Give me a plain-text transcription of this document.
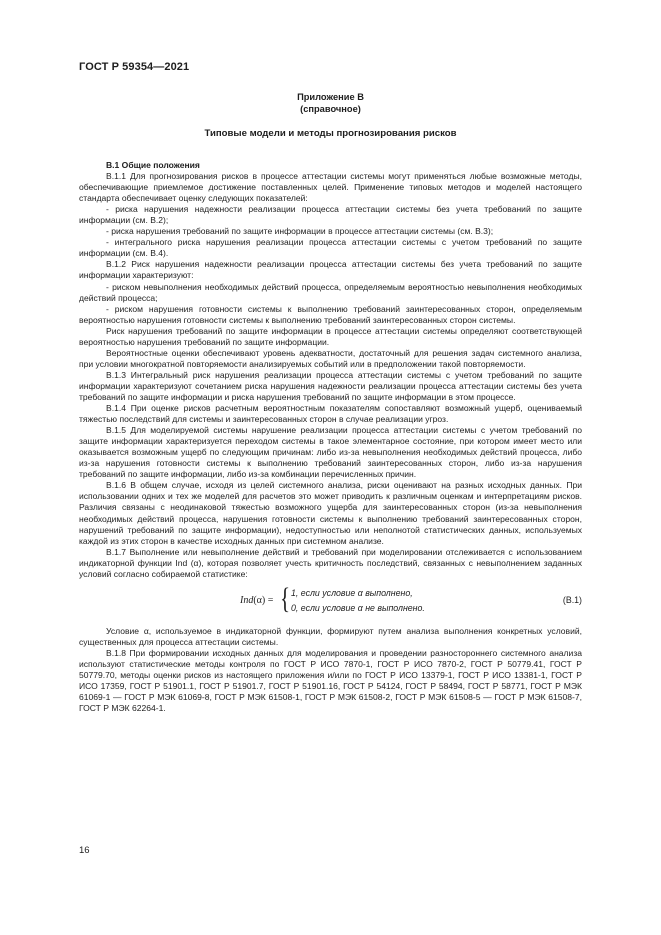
ГОСТ Р 59354—2021
Приложение В
(справочное)
Типовые модели и методы прогнозирования рисков

В.1 Общие положения

В.1.1 Для прогнозирования рисков в процессе аттестации системы могут применяться любые возможные методы, обеспечивающие приемлемое достижение поставленных целей. Применение типовых методов и моделей настоящего стандарта обеспечивает оценку следующих показателей:

- риска нарушения надежности реализации процесса аттестации системы без учета требований по защите информации (см. В.2);

- риска нарушения требований по защите информации в процессе аттестации системы (см. В.3);

- интегрального риска нарушения реализации процесса аттестации системы с учетом требований по защите информации (см. В.4).

В.1.2 Риск нарушения надежности реализации процесса аттестации системы без учета требований по защите информации характеризуют:

- риском невыполнения необходимых действий процесса, определяемым вероятностью невыполнения необходимых действий процесса;

- риском нарушения готовности системы к выполнению требований заинтересованных сторон, определяемым вероятностью нарушения готовности системы к выполнению требований заинтересованных сторон системы.

Риск нарушения требований по защите информации в процессе аттестации системы определяют соответствующей вероятностью нарушения требований по защите информации.

Вероятностные оценки обеспечивают уровень адекватности, достаточный для решения задач системного анализа, при условии многократной повторяемости анализируемых событий или в предположении такой повторяемости.

В.1.3 Интегральный риск нарушения реализации процесса аттестации системы с учетом требований по защите информации характеризуют сочетанием риска нарушения надежности реализации процесса аттестации системы без учета требований по защите информации и риска нарушения требований по защите информации в этом процессе.

В.1.4 При оценке рисков расчетным вероятностным показателям сопоставляют возможный ущерб, оцениваемый тяжестью последствий для системы и заинтересованных сторон в случае реализации угроз.

В.1.5 Для моделируемой системы нарушение реализации процесса аттестации системы с учетом требований по защите информации характеризуется переходом системы в такое элементарное состояние, при котором имеет место или оказывается возможным ущерб по следующим причинам: либо из-за невыполнения необходимых действий процесса, либо из-за нарушения готовности системы к выполнению требований заинтересованных сторон, либо из-за нарушения требований по защите информации, либо из-за комбинации перечисленных причин.

В.1.6 В общем случае, исходя из целей системного анализа, риски оценивают на разных исходных данных. При использовании одних и тех же моделей для расчетов это может приводить к различным оценкам и интерпретациям рисков. Различия связаны с неодинаковой тяжестью возможного ущерба для заинтересованных сторон (из-за невыполнения необходимых действий процесса, нарушения готовности системы к выполнению требований заинтересованных сторон, нарушений требований по защите информации), недоступностью или неполнотой статистических данных, используемых каждой из этих сторон в качестве исходных данных при системном анализе.

В.1.7 Выполнение или невыполнение действий и требований при моделировании отслеживается с использованием индикаторной функции Ind (α), которая позволяет учесть критичность последствий, связанных с невыполнением заданных условий согласно собираемой статистике:

Ind(α) = { 1, если условие α выполнено,
0, если условие α не выполнено.
(В.1)

Условие α, используемое в индикаторной функции, формируют путем анализа выполнения конкретных условий, существенных для процесса аттестации системы.

В.1.8 При формировании исходных данных для моделирования и проведении разностороннего системного анализа используют статистические методы контроля по ГОСТ Р ИСО 7870-1, ГОСТ Р ИСО 7870-2, ГОСТ Р 50779.41, ГОСТ Р 50779.70, методы оценки рисков из настоящего приложения и/или по ГОСТ Р ИСО 13379-1, ГОСТ Р ИСО 13381-1, ГОСТ Р ИСО 17359, ГОСТ Р 51901.1, ГОСТ Р 51901.7, ГОСТ Р 51901.16, ГОСТ Р 54124, ГОСТ Р 58494, ГОСТ Р 58771, ГОСТ Р МЭК 61069-1 — ГОСТ Р МЭК 61069-8, ГОСТ Р МЭК 61508-1, ГОСТ Р МЭК 61508-2, ГОСТ Р МЭК 61508-5 — ГОСТ Р МЭК 61508-7, ГОСТ Р МЭК 62264-1.

16
